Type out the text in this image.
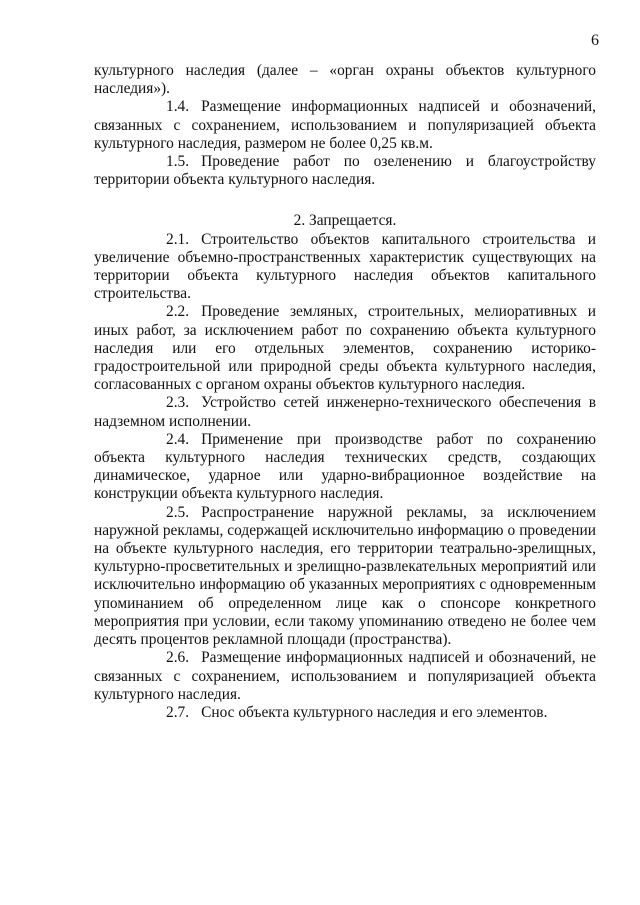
6

культурного наследия (далее – «орган охраны объектов культурного наследия»).

1.4. Размещение информационных надписей и обозначений, связанных с сохранением, использованием и популяризацией объекта культурного наследия, размером не более 0,25 кв.м.

1.5. Проведение работ по озеленению и благоустройству территории объекта культурного наследия.

2. Запрещается.

2.1. Строительство объектов капитального строительства и увеличение объемно-пространственных характеристик существующих на территории объекта культурного наследия объектов капитального строительства.

2.2. Проведение земляных, строительных, мелиоративных и иных работ, за исключением работ по сохранению объекта культурного наследия или его отдельных элементов, сохранению историко-градостроительной или природной среды объекта культурного наследия, согласованных с органом охраны объектов культурного наследия.

2.3. Устройство сетей инженерно-технического обеспечения в надземном исполнении.

2.4. Применение при производстве работ по сохранению объекта культурного наследия технических средств, создающих динамическое, ударное или ударно-вибрационное воздействие на конструкции объекта культурного наследия.

2.5. Распространение наружной рекламы, за исключением наружной рекламы, содержащей исключительно информацию о проведении на объекте культурного наследия, его территории театрально-зрелищных, культурно-просветительных и зрелищно-развлекательных мероприятий или исключительно информацию об указанных мероприятиях с одновременным упоминанием об определенном лице как о спонсоре конкретного мероприятия при условии, если такому упоминанию отведено не более чем десять процентов рекламной площади (пространства).

2.6. Размещение информационных надписей и обозначений, не связанных с сохранением, использованием и популяризацией объекта культурного наследия.

2.7. Снос объекта культурного наследия и его элементов.
